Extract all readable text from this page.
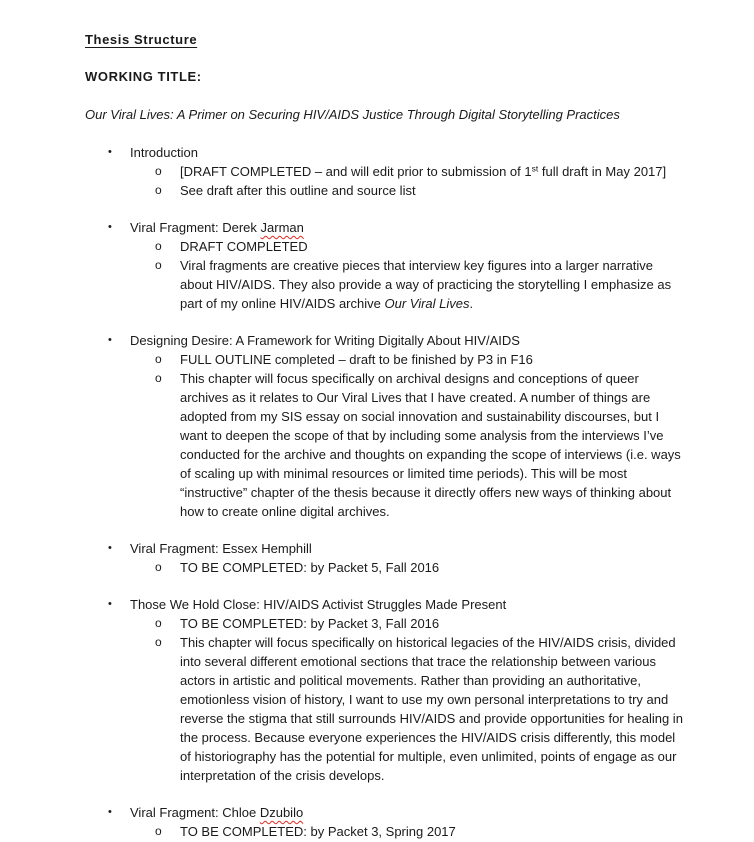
Thesis Structure
WORKING TITLE:
Our Viral Lives: A Primer on Securing HIV/AIDS Justice Through Digital Storytelling Practices
•	Introduction
o	[DRAFT COMPLETED – and will edit prior to submission of 1st full draft in May 2017]
o	See draft after this outline and source list
•	Viral Fragment: Derek Jarman
o	DRAFT COMPLETED
o	Viral fragments are creative pieces that interview key figures into a larger narrative about HIV/AIDS. They also provide a way of practicing the storytelling I emphasize as part of my online HIV/AIDS archive Our Viral Lives.
•	Designing Desire: A Framework for Writing Digitally About HIV/AIDS
o	FULL OUTLINE completed – draft to be finished by P3 in F16
o	This chapter will focus specifically on archival designs and conceptions of queer archives as it relates to Our Viral Lives that I have created. A number of things are adopted from my SIS essay on social innovation and sustainability discourses, but I want to deepen the scope of that by including some analysis from the interviews I’ve conducted for the archive and thoughts on expanding the scope of interviews (i.e. ways of scaling up with minimal resources or limited time periods). This will be most “instructive” chapter of the thesis because it directly offers new ways of thinking about how to create online digital archives.
•	Viral Fragment: Essex Hemphill
o	TO BE COMPLETED: by Packet 5, Fall 2016
•	Those We Hold Close: HIV/AIDS Activist Struggles Made Present
o	TO BE COMPLETED: by Packet 3, Fall 2016
o	This chapter will focus specifically on historical legacies of the HIV/AIDS crisis, divided into several different emotional sections that trace the relationship between various actors in artistic and political movements. Rather than providing an authoritative, emotionless vision of history, I want to use my own personal interpretations to try and reverse the stigma that still surrounds HIV/AIDS and provide opportunities for healing in the process. Because everyone experiences the HIV/AIDS crisis differently, this model of historiography has the potential for multiple, even unlimited, points of engage as our interpretation of the crisis develops.
•	Viral Fragment: Chloe Dzubilo
o	TO BE COMPLETED: by Packet 3, Spring 2017
